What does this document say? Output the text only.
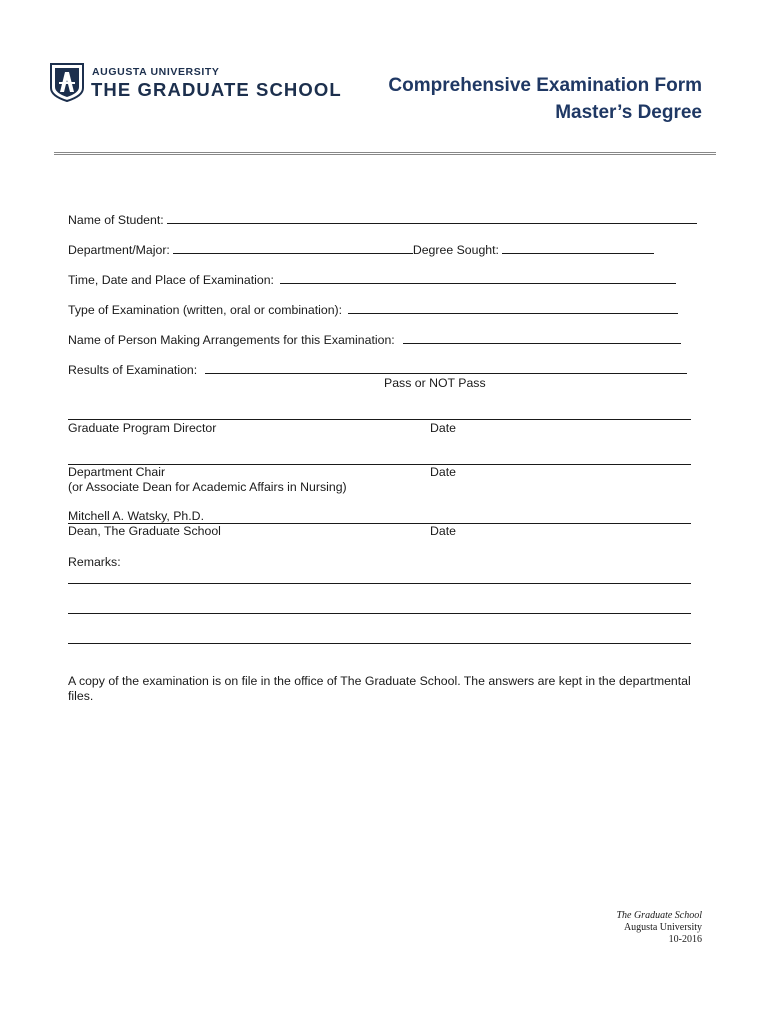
AUGUSTA UNIVERSITY
THE GRADUATE SCHOOL Comprehensive Examination Form
Master’s Degree
Name of Student:
Department/Major:	Degree Sought:
Time, Date and Place of Examination:
Type of Examination (written, oral or combination):
Name of Person Making Arrangements for this Examination:
Results of Examination:
Pass or NOT Pass
Graduate Program Director	Date
Department Chair	Date
(or Associate Dean for Academic Affairs in Nursing)
Mitchell A. Watsky, Ph.D.
Dean, The Graduate School	Date
Remarks:
A copy of the examination is on file in the office of The Graduate School. The answers are kept in the departmental files.
The Graduate School
Augusta University
10-2016
